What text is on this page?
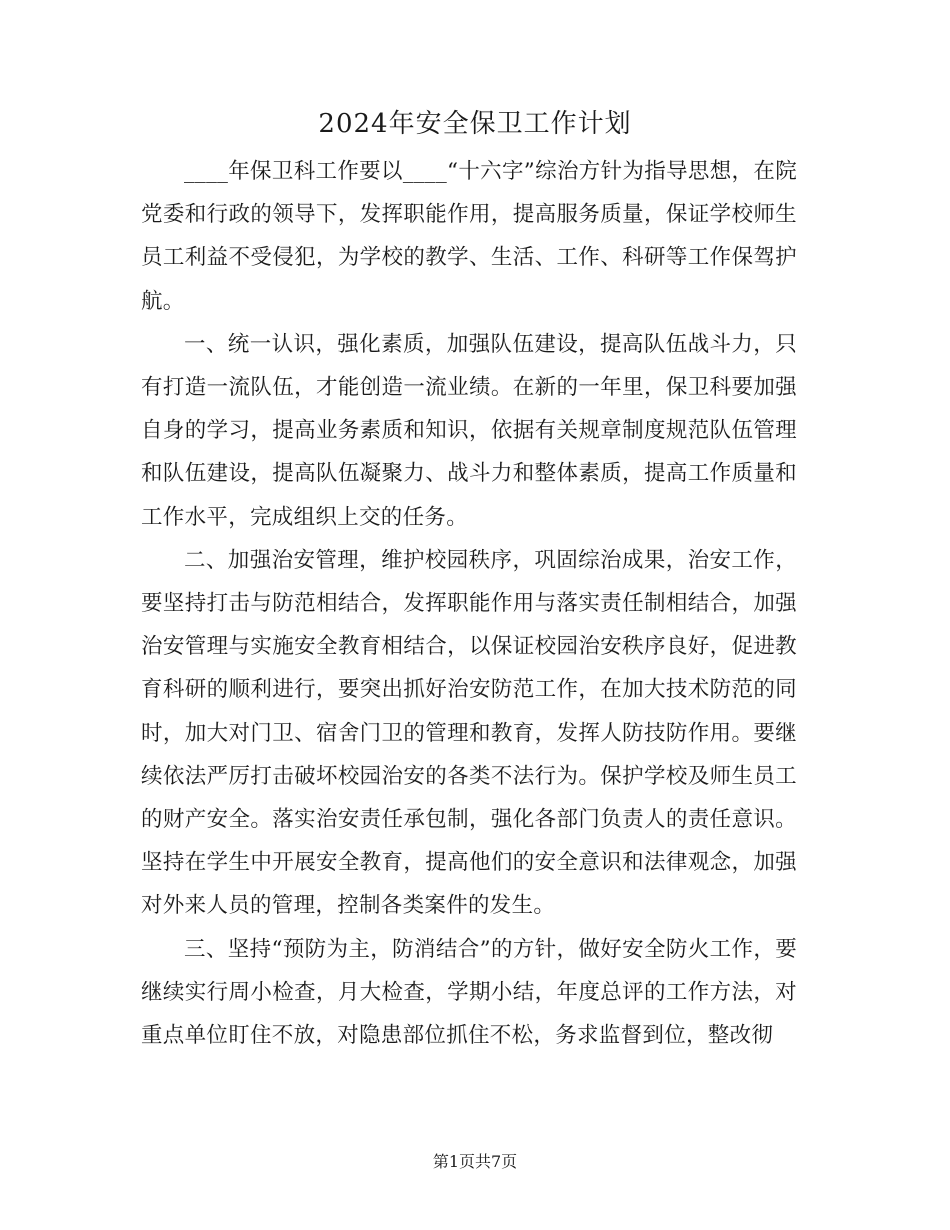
2024年安全保卫工作计划

____年保卫科工作要以____“十六字”综治方针为指导思想，在院党委和行政的领导下，发挥职能作用，提高服务质量，保证学校师生员工利益不受侵犯，为学校的教学、生活、工作、科研等工作保驾护航。

一、统一认识，强化素质，加强队伍建设，提高队伍战斗力，只有打造一流队伍，才能创造一流业绩。在新的一年里，保卫科要加强自身的学习，提高业务素质和知识，依据有关规章制度规范队伍管理和队伍建设，提高队伍凝聚力、战斗力和整体素质，提高工作质量和工作水平，完成组织上交的任务。

二、加强治安管理，维护校园秩序，巩固综治成果，治安工作，要坚持打击与防范相结合，发挥职能作用与落实责任制相结合，加强治安管理与实施安全教育相结合，以保证校园治安秩序良好，促进教育科研的顺利进行，要突出抓好治安防范工作，在加大技术防范的同时，加大对门卫、宿舍门卫的管理和教育，发挥人防技防作用。要继续依法严厉打击破坏校园治安的各类不法行为。保护学校及师生员工的财产安全。落实治安责任承包制，强化各部门负责人的责任意识。坚持在学生中开展安全教育，提高他们的安全意识和法律观念，加强对外来人员的管理，控制各类案件的发生。

三、坚持“预防为主，防消结合”的方针，做好安全防火工作，要继续实行周小检查，月大检查，学期小结，年度总评的工作方法，对重点单位盯住不放，对隐患部位抓住不松，务求监督到位，整改彻

第1页共7页
